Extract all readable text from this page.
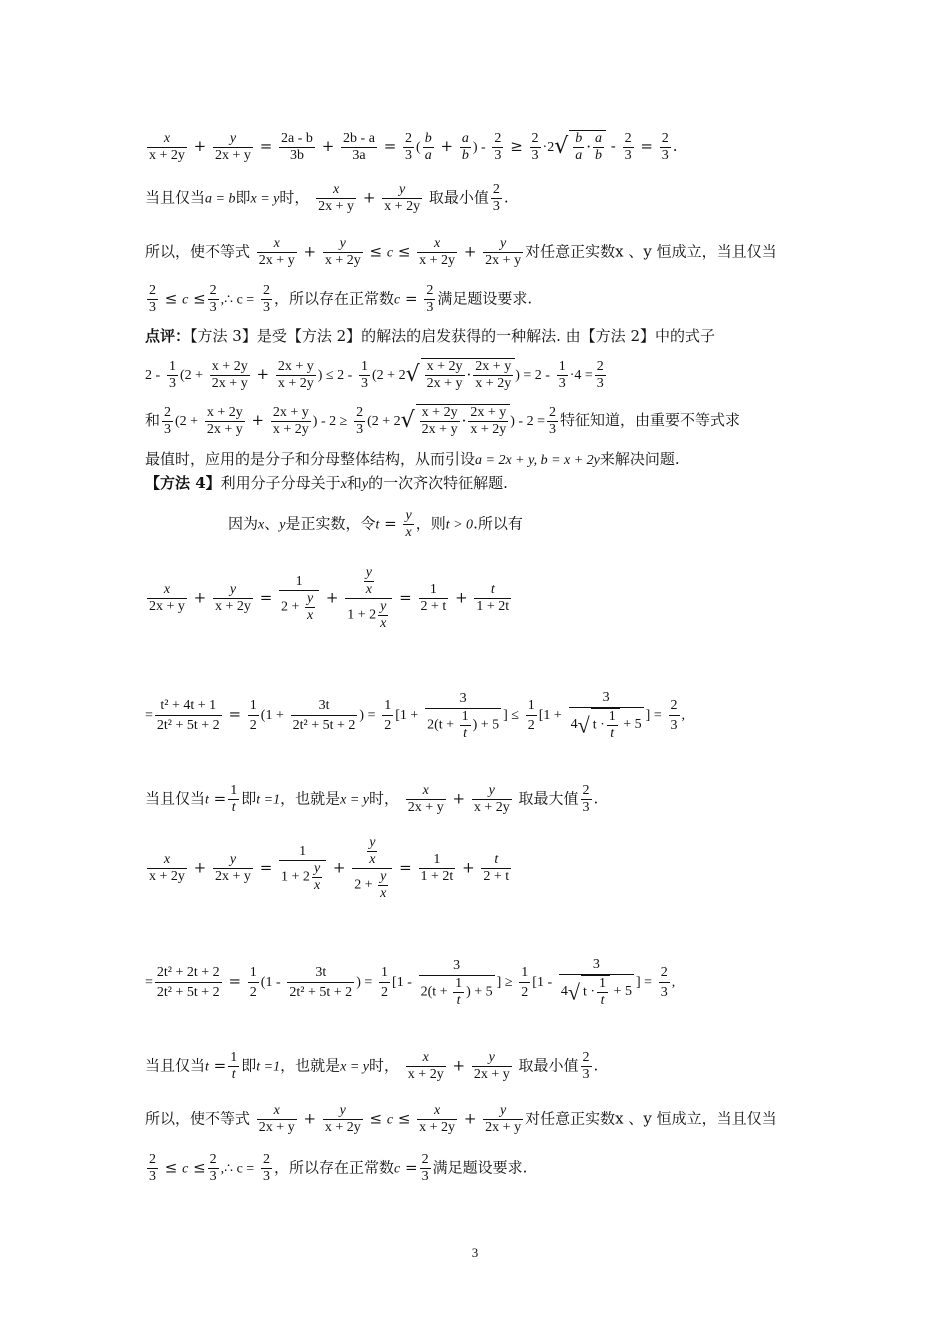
$\frac{x}{x + 2y} + \frac{y}{2x + y} = \frac{2a - b}{3b} + \frac{2b - a}{3a} = \frac{2}{3}$ ( $\frac{b}{a} + \frac{a}{b}$ ) - $\frac{2}{3} \ge \frac{2}{3} \cdot 2√ \frac{b}{a} \cdot \frac{a}{b} - \frac{2}{3} = \frac{2}{3}$ .
当且仅当a = b即x = y时， $\frac{x}{2x + y} + \frac{y}{x + 2y}$ 取最小值 $\frac{2}{3}$ .
所以，使不等式 $\frac{x}{2x + y} + \frac{y}{x + 2y} \le c \le \frac{x}{x + 2y} + \frac{y}{2x + y}$ 对任意正实数x 、y 恒成立，当且仅当
$\frac{2}{3} \le c \le \frac{2}{3}$ ,∴ $c = \frac{2}{3}$ ，所以存在正常数$c = \frac{2}{3}$ 满足题设要求.
点评：【方法 3】是受【方法 2】的解法的启发获得的一种解法. 由【方法 2】中的式子
$2 - \frac{1}{3} (2 + \frac{x + 2y}{2x + y} + \frac{2x + y}{x + 2y}$ ) ≤ $2 - \frac{1}{3} (2 + 2√ \frac{x + 2y}{2x + y} \cdot \frac{2x + y}{x + 2y}$ ) = $2 - \frac{1}{3} \cdot 4 = \frac{2}{3}$
和 $\frac{2}{3} (2 + \frac{x + 2y}{2x + y} + \frac{2x + y}{x + 2y}$ ) - $2 \ge \frac{2}{3} (2 + 2√ \frac{x + 2y}{2x + y} \cdot \frac{2x + y}{x + 2y}$ ) - $2 = \frac{2}{3}$ 特征知道，由重要不等式求
最值时，应用的是分子和分母整体结构，从而引设a = 2x + y, b = x + 2y来解决问题.
【方法 4】利用分子分母关于x和y的一次齐次特征解题.
因为x、y是正实数，令$t = \frac{y}{x}$ ，则t > 0.所以有
$\frac{x}{2x + y} + \frac{y}{x + 2y} = \frac{1}{2 + \frac{y}{x}} + \frac{\frac{y}{x}}{1 + 2 \frac{y}{x}} = \frac{1}{2 + t} + \frac{t}{1 + 2t}$
= $\frac{\text{t² + 4t + 1}}{\text{2t² + 5t + 2}} = \frac{1}{2} (1 + \frac{3t}{\text{2t² + 5t + 2}}$ ) = $\frac{1}{2} [1 + \frac{3}{2(t + \frac{1}{t} ) + 5}$ ] ≤ $\frac{1}{2} [1 + \frac{3}{4√ t \cdot \frac{1}{t} + 5}$ ] = $\frac{2}{3}$ ,
当且仅当$t = \frac{1}{t}$ 即t =1，也就是x = y时， $\frac{x}{2x + y} + \frac{y}{x + 2y}$ 取最大值 $\frac{2}{3}$ .
$\frac{x}{x + 2y} + \frac{y}{2x + y} = \frac{1}{1 + 2 \frac{y}{x}} + \frac{\frac{y}{x}}{2 + \frac{y}{x}} = \frac{1}{1 + 2t} + \frac{t}{2 + t}$
= $\frac{\text{2t² + 2t + 2}}{\text{2t² + 5t + 2}} = \frac{1}{2} (1 - \frac{3t}{\text{2t² + 5t + 2}}$ ) = $\frac{1}{2} [1 - \frac{3}{2(t + \frac{1}{t} ) + 5}$ ] ≥ $\frac{1}{2} [1 - \frac{3}{4√ t \cdot \frac{1}{t} + 5}$ ] = $\frac{2}{3}$ ,
当且仅当$t = \frac{1}{t}$ 即t =1，也就是x = y时， $\frac{x}{x + 2y} + \frac{y}{2x + y}$ 取最小值 $\frac{2}{3}$ .
所以，使不等式 $\frac{x}{2x + y} + \frac{y}{x + 2y} \le c \le \frac{x}{x + 2y} + \frac{y}{2x + y}$ 对任意正实数x 、y 恒成立，当且仅当
$\frac{2}{3} \le c \le \frac{2}{3}$ ,∴ $c = \frac{2}{3}$ ，所以存在正常数$c = \frac{2}{3}$ 满足题设要求.
3
